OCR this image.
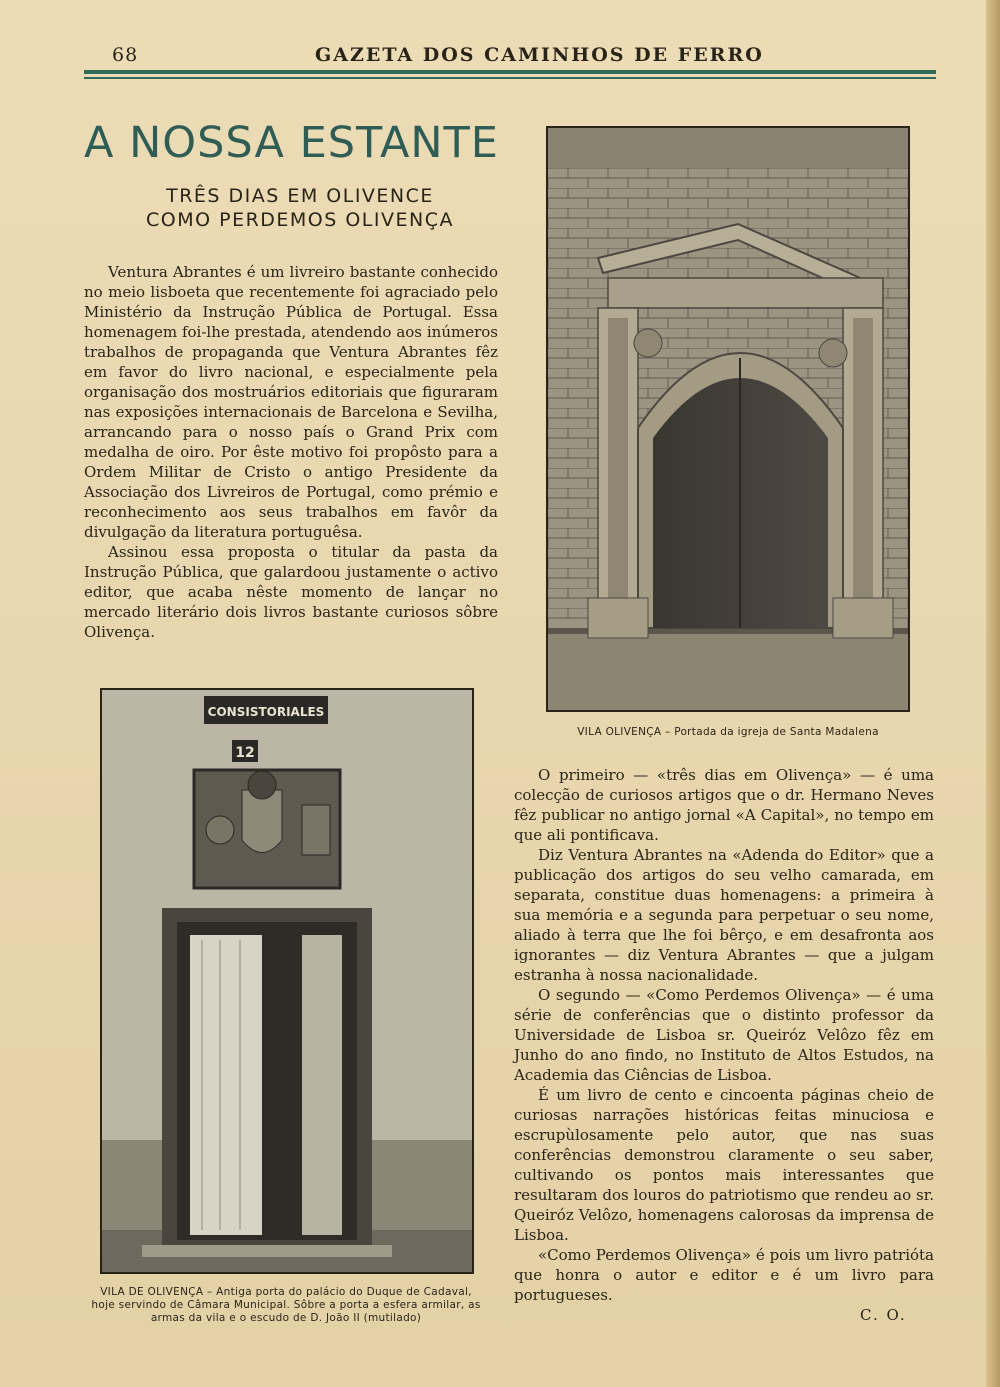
68	GAZETA DOS CAMINHOS DE FERRO
A NOSSA ESTANTE
TRÊS DIAS EM OLIVENCE
COMO PERDEMOS OLIVENÇA

Ventura Abrantes é um livreiro bastante conhecido no meio lisboeta que recentemente foi agraciado pelo Ministério da Instrução Pública de Portugal. Essa homenagem foi-lhe prestada, atendendo aos inúmeros trabalhos de propaganda que Ventura Abrantes fêz em favor do livro nacional, e especialmente pela organisação dos mostruários editoriais que figuraram nas exposições internacionais de Barcelona e Sevilha, arrancando para o nosso país o Grand Prix com medalha de oiro. Por êste motivo foi propôsto para a Ordem Militar de Cristo o antigo Presidente da Associação dos Livreiros de Portugal, como prémio e reconhecimento aos seus trabalhos em favôr da divulgação da literatura portuguêsa.

Assinou essa proposta o titular da pasta da Instrução Pública, que galardoou justamente o activo editor, que acaba nêste momento de lançar no mercado literário dois livros bastante curiosos sôbre Olivença.

VILA OLIVENÇA – Portada da igreja de Santa Madalena
CONSISTORIALES
12
VILA DE OLIVENÇA – Antiga porta do palácio do Duque de Cadaval,
hoje servindo de Câmara Municipal. Sôbre a porta a esfera armilar, as
armas da vila e o escudo de D. João II (mutilado)

O primeiro — «três dias em Olivença» — é uma colecção de curiosos artigos que o dr. Hermano Neves fêz publicar no antigo jornal «A Capital», no tempo em que ali pontificava.

Diz Ventura Abrantes na «Adenda do Editor» que a publicação dos artigos do seu velho camarada, em separata, constitue duas homenagens: a primeira à sua memória e a segunda para perpetuar o seu nome, aliado à terra que lhe foi bêrço, e em desafronta aos ignorantes — diz Ventura Abrantes — que a julgam estranha à nossa nacionalidade.

O segundo — «Como Perdemos Olivença» — é uma série de conferências que o distinto professor da Universidade de Lisboa sr. Queiróz Velôzo fêz em Junho do ano findo, no Instituto de Altos Estudos, na Academia das Ciências de Lisboa.

É um livro de cento e cincoenta páginas cheio de curiosas narrações históricas feitas minuciosa e escrupùlosamente pelo autor, que nas suas conferências demonstrou claramente o seu saber, cultivando os pontos mais interessantes que resultaram dos louros do patriotismo que rendeu ao sr. Queiróz Velôzo, homenagens calorosas da imprensa de Lisboa.

«Como Perdemos Olivença» é pois um livro patrióta que honra o autor e editor e é um livro para portugueses.

C. O.
